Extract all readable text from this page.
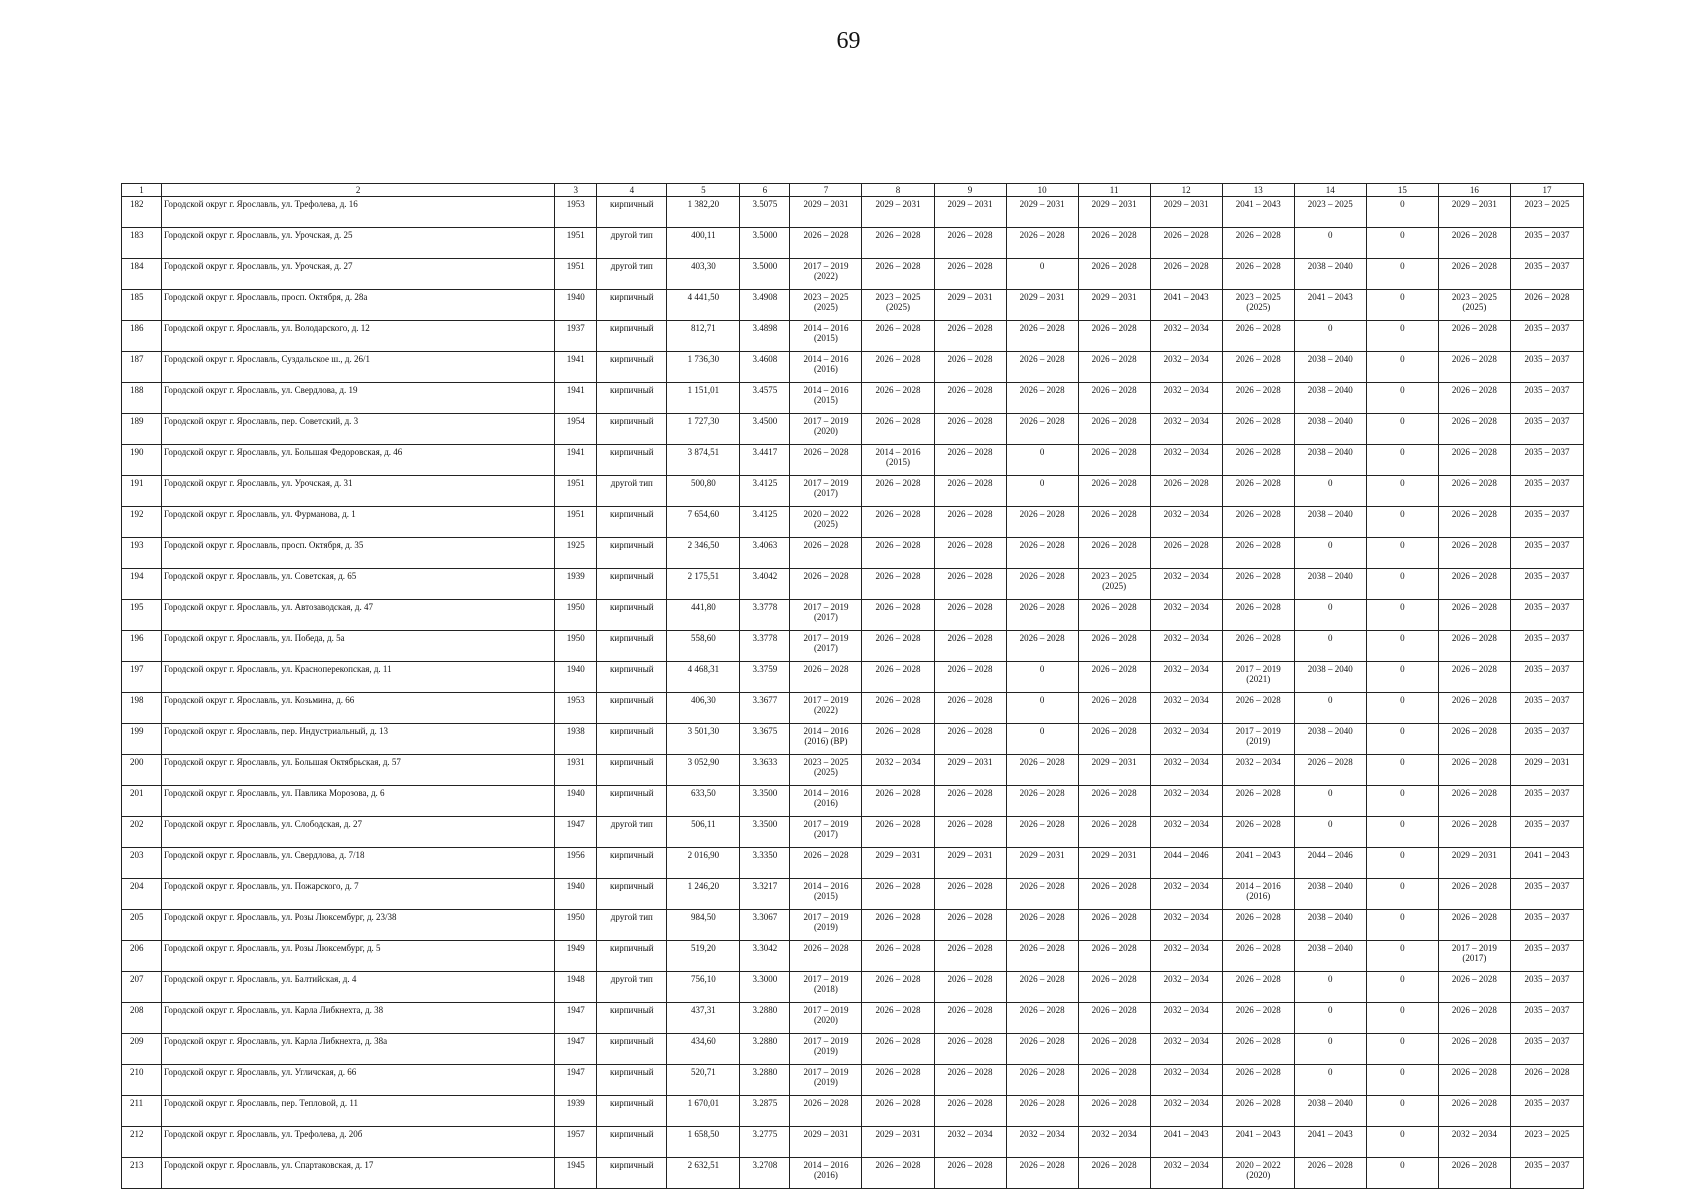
69
1	2	3	4	5	6	7	8	9	10	11	12	13	14	15	16	17
182	Городской округ г. Ярославль, ул. Трефолева, д. 16	1953	кирпичный	1 382,20	3.5075	2029 – 2031	2029 – 2031	2029 – 2031	2029 – 2031	2029 – 2031	2029 – 2031	2041 – 2043	2023 – 2025	0	2029 – 2031	2023 – 2025
183	Городской округ г. Ярославль, ул. Урочская, д. 25	1951	другой тип	400,11	3.5000	2026 – 2028	2026 – 2028	2026 – 2028	2026 – 2028	2026 – 2028	2026 – 2028	2026 – 2028	0	0	2026 – 2028	2035 – 2037
184	Городской округ г. Ярославль, ул. Урочская, д. 27	1951	другой тип	403,30	3.5000	2017 – 2019 (2022)	2026 – 2028	2026 – 2028	0	2026 – 2028	2026 – 2028	2026 – 2028	2038 – 2040	0	2026 – 2028	2035 – 2037
185	Городской округ г. Ярославль, просп. Октября, д. 28а	1940	кирпичный	4 441,50	3.4908	2023 – 2025 (2025)	2023 – 2025 (2025)	2029 – 2031	2029 – 2031	2029 – 2031	2041 – 2043	2023 – 2025 (2025)	2041 – 2043	0	2023 – 2025 (2025)	2026 – 2028
186	Городской округ г. Ярославль, ул. Володарского, д. 12	1937	кирпичный	812,71	3.4898	2014 – 2016 (2015)	2026 – 2028	2026 – 2028	2026 – 2028	2026 – 2028	2032 – 2034	2026 – 2028	0	0	2026 – 2028	2035 – 2037
187	Городской округ г. Ярославль, Суздальское ш., д. 26/1	1941	кирпичный	1 736,30	3.4608	2014 – 2016 (2016)	2026 – 2028	2026 – 2028	2026 – 2028	2026 – 2028	2032 – 2034	2026 – 2028	2038 – 2040	0	2026 – 2028	2035 – 2037
188	Городской округ г. Ярославль, ул. Свердлова, д. 19	1941	кирпичный	1 151,01	3.4575	2014 – 2016 (2015)	2026 – 2028	2026 – 2028	2026 – 2028	2026 – 2028	2032 – 2034	2026 – 2028	2038 – 2040	0	2026 – 2028	2035 – 2037
189	Городской округ г. Ярославль, пер. Советский, д. 3	1954	кирпичный	1 727,30	3.4500	2017 – 2019 (2020)	2026 – 2028	2026 – 2028	2026 – 2028	2026 – 2028	2032 – 2034	2026 – 2028	2038 – 2040	0	2026 – 2028	2035 – 2037
190	Городской округ г. Ярославль, ул. Большая Федоровская, д. 46	1941	кирпичный	3 874,51	3.4417	2026 – 2028	2014 – 2016 (2015)	2026 – 2028	0	2026 – 2028	2032 – 2034	2026 – 2028	2038 – 2040	0	2026 – 2028	2035 – 2037
191	Городской округ г. Ярославль, ул. Урочская, д. 31	1951	другой тип	500,80	3.4125	2017 – 2019 (2017)	2026 – 2028	2026 – 2028	0	2026 – 2028	2026 – 2028	2026 – 2028	0	0	2026 – 2028	2035 – 2037
192	Городской округ г. Ярославль, ул. Фурманова, д. 1	1951	кирпичный	7 654,60	3.4125	2020 – 2022 (2025)	2026 – 2028	2026 – 2028	2026 – 2028	2026 – 2028	2032 – 2034	2026 – 2028	2038 – 2040	0	2026 – 2028	2035 – 2037
193	Городской округ г. Ярославль, просп. Октября, д. 35	1925	кирпичный	2 346,50	3.4063	2026 – 2028	2026 – 2028	2026 – 2028	2026 – 2028	2026 – 2028	2026 – 2028	2026 – 2028	0	0	2026 – 2028	2035 – 2037
194	Городской округ г. Ярославль, ул. Советская, д. 65	1939	кирпичный	2 175,51	3.4042	2026 – 2028	2026 – 2028	2026 – 2028	2026 – 2028	2023 – 2025 (2025)	2032 – 2034	2026 – 2028	2038 – 2040	0	2026 – 2028	2035 – 2037
195	Городской округ г. Ярославль, ул. Автозаводская, д. 47	1950	кирпичный	441,80	3.3778	2017 – 2019 (2017)	2026 – 2028	2026 – 2028	2026 – 2028	2026 – 2028	2032 – 2034	2026 – 2028	0	0	2026 – 2028	2035 – 2037
196	Городской округ г. Ярославль, ул. Победа, д. 5а	1950	кирпичный	558,60	3.3778	2017 – 2019 (2017)	2026 – 2028	2026 – 2028	2026 – 2028	2026 – 2028	2032 – 2034	2026 – 2028	0	0	2026 – 2028	2035 – 2037
197	Городской округ г. Ярославль, ул. Красноперекопская, д. 11	1940	кирпичный	4 468,31	3.3759	2026 – 2028	2026 – 2028	2026 – 2028	0	2026 – 2028	2032 – 2034	2017 – 2019 (2021)	2038 – 2040	0	2026 – 2028	2035 – 2037
198	Городской округ г. Ярославль, ул. Козьмина, д. 66	1953	кирпичный	406,30	3.3677	2017 – 2019 (2022)	2026 – 2028	2026 – 2028	0	2026 – 2028	2032 – 2034	2026 – 2028	0	0	2026 – 2028	2035 – 2037
199	Городской округ г. Ярославль, пер. Индустриальный, д. 13	1938	кирпичный	3 501,30	3.3675	2014 – 2016 (2016) (ВР)	2026 – 2028	2026 – 2028	0	2026 – 2028	2032 – 2034	2017 – 2019 (2019)	2038 – 2040	0	2026 – 2028	2035 – 2037
200	Городской округ г. Ярославль, ул. Большая Октябрьская, д. 57	1931	кирпичный	3 052,90	3.3633	2023 – 2025 (2025)	2032 – 2034	2029 – 2031	2026 – 2028	2029 – 2031	2032 – 2034	2032 – 2034	2026 – 2028	0	2026 – 2028	2029 – 2031
201	Городской округ г. Ярославль, ул. Павлика Морозова, д. 6	1940	кирпичный	633,50	3.3500	2014 – 2016 (2016)	2026 – 2028	2026 – 2028	2026 – 2028	2026 – 2028	2032 – 2034	2026 – 2028	0	0	2026 – 2028	2035 – 2037
202	Городской округ г. Ярославль, ул. Слободская, д. 27	1947	другой тип	506,11	3.3500	2017 – 2019 (2017)	2026 – 2028	2026 – 2028	2026 – 2028	2026 – 2028	2032 – 2034	2026 – 2028	0	0	2026 – 2028	2035 – 2037
203	Городской округ г. Ярославль, ул. Свердлова, д. 7/18	1956	кирпичный	2 016,90	3.3350	2026 – 2028	2029 – 2031	2029 – 2031	2029 – 2031	2029 – 2031	2044 – 2046	2041 – 2043	2044 – 2046	0	2029 – 2031	2041 – 2043
204	Городской округ г. Ярославль, ул. Пожарского, д. 7	1940	кирпичный	1 246,20	3.3217	2014 – 2016 (2015)	2026 – 2028	2026 – 2028	2026 – 2028	2026 – 2028	2032 – 2034	2014 – 2016 (2016)	2038 – 2040	0	2026 – 2028	2035 – 2037
205	Городской округ г. Ярославль, ул. Розы Люксембург, д. 23/38	1950	другой тип	984,50	3.3067	2017 – 2019 (2019)	2026 – 2028	2026 – 2028	2026 – 2028	2026 – 2028	2032 – 2034	2026 – 2028	2038 – 2040	0	2026 – 2028	2035 – 2037
206	Городской округ г. Ярославль, ул. Розы Люксембург, д. 5	1949	кирпичный	519,20	3.3042	2026 – 2028	2026 – 2028	2026 – 2028	2026 – 2028	2026 – 2028	2032 – 2034	2026 – 2028	2038 – 2040	0	2017 – 2019 (2017)	2035 – 2037
207	Городской округ г. Ярославль, ул. Балтийская, д. 4	1948	другой тип	756,10	3.3000	2017 – 2019 (2018)	2026 – 2028	2026 – 2028	2026 – 2028	2026 – 2028	2032 – 2034	2026 – 2028	0	0	2026 – 2028	2035 – 2037
208	Городской округ г. Ярославль, ул. Карла Либкнехта, д. 38	1947	кирпичный	437,31	3.2880	2017 – 2019 (2020)	2026 – 2028	2026 – 2028	2026 – 2028	2026 – 2028	2032 – 2034	2026 – 2028	0	0	2026 – 2028	2035 – 2037
209	Городской округ г. Ярославль, ул. Карла Либкнехта, д. 38а	1947	кирпичный	434,60	3.2880	2017 – 2019 (2019)	2026 – 2028	2026 – 2028	2026 – 2028	2026 – 2028	2032 – 2034	2026 – 2028	0	0	2026 – 2028	2035 – 2037
210	Городской округ г. Ярославль, ул. Угличская, д. 66	1947	кирпичный	520,71	3.2880	2017 – 2019 (2019)	2026 – 2028	2026 – 2028	2026 – 2028	2026 – 2028	2032 – 2034	2026 – 2028	0	0	2026 – 2028	2026 – 2028
211	Городской округ г. Ярославль, пер. Тепловой, д. 11	1939	кирпичный	1 670,01	3.2875	2026 – 2028	2026 – 2028	2026 – 2028	2026 – 2028	2026 – 2028	2032 – 2034	2026 – 2028	2038 – 2040	0	2026 – 2028	2035 – 2037
212	Городской округ г. Ярославль, ул. Трефолева, д. 20б	1957	кирпичный	1 658,50	3.2775	2029 – 2031	2029 – 2031	2032 – 2034	2032 – 2034	2032 – 2034	2041 – 2043	2041 – 2043	2041 – 2043	0	2032 – 2034	2023 – 2025
213	Городской округ г. Ярославль, ул. Спартаковская, д. 17	1945	кирпичный	2 632,51	3.2708	2014 – 2016 (2016)	2026 – 2028	2026 – 2028	2026 – 2028	2026 – 2028	2032 – 2034	2020 – 2022 (2020)	2026 – 2028	0	2026 – 2028	2035 – 2037
